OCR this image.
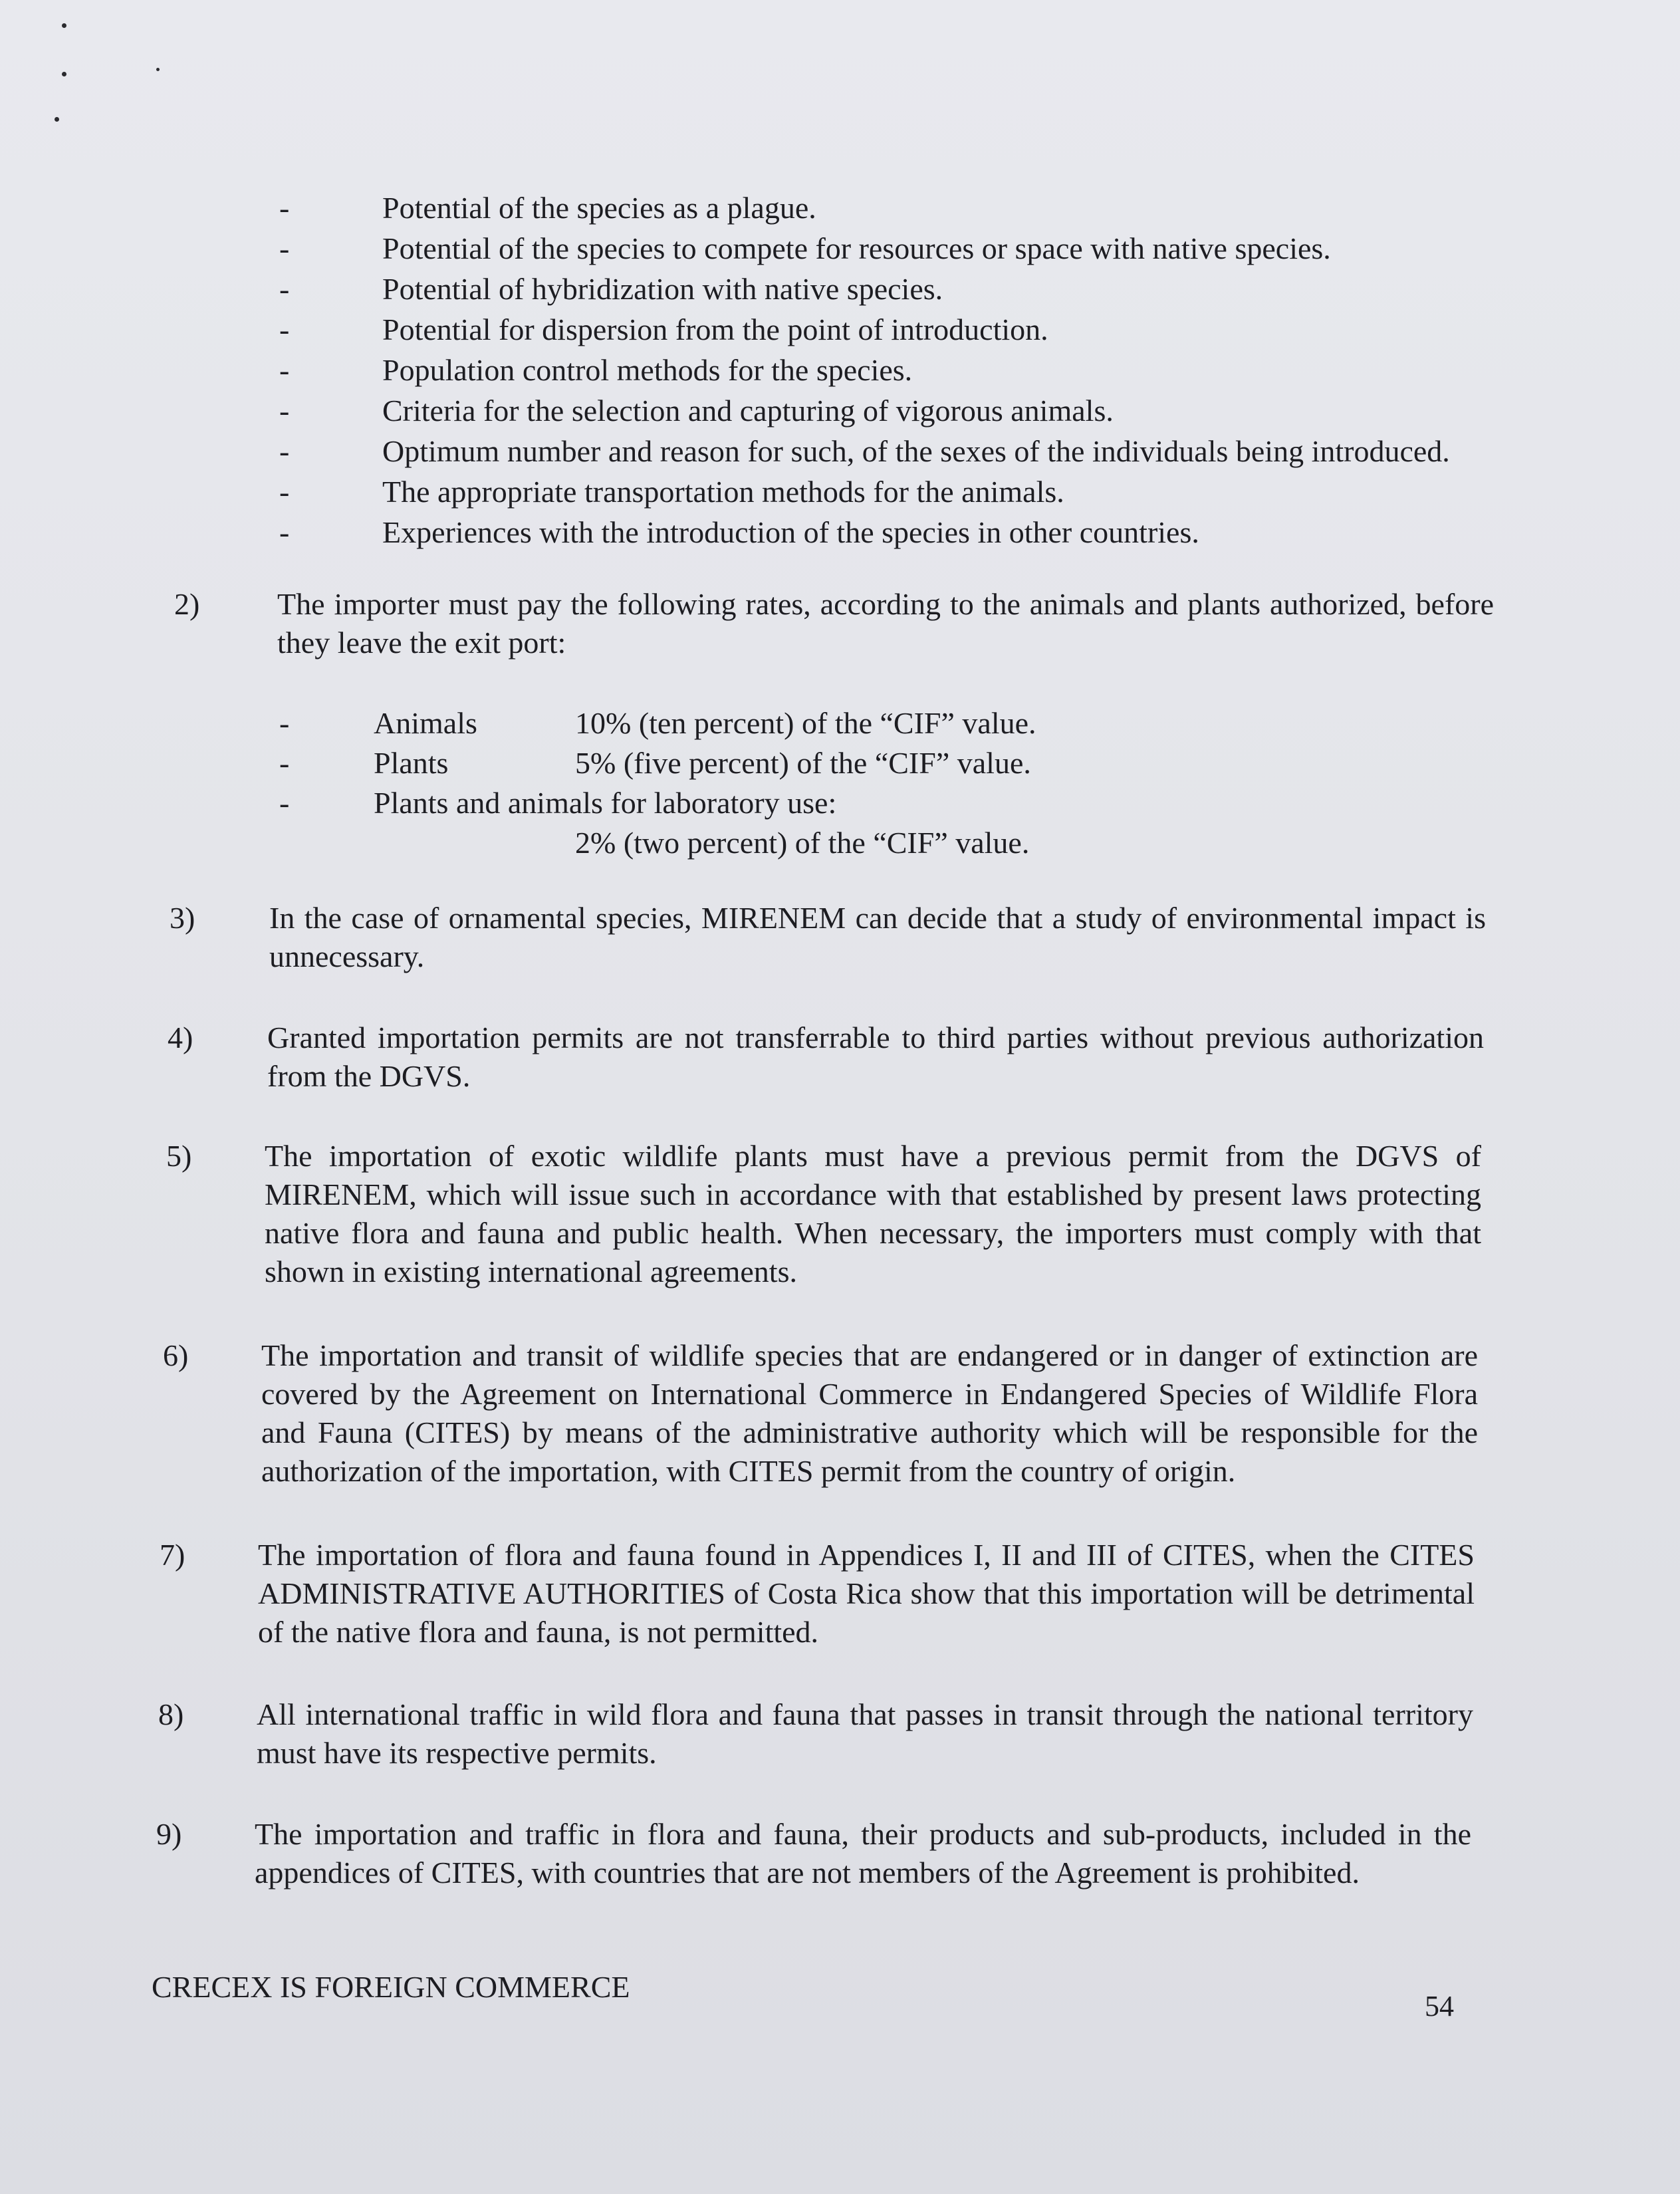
-	Potential of the species as a plague.
-	Potential of the species to compete for resources or space with native species.
-	Potential of hybridization with native species.
-	Potential for dispersion from the point of introduction.
-	Population control methods for the species.
-	Criteria for the selection and capturing of vigorous animals.
-	Optimum number and reason for such, of the sexes of the individuals being introduced.
-	The appropriate transportation methods for the animals.
-	Experiences with the introduction of the species in other countries.
2)	The importer must pay the following rates, according to the animals and plants authorized, before they leave the exit port:
-	Animals	10% (ten percent) of the “CIF” value.
-	Plants	5% (five percent) of the “CIF” value.
-	Plants and animals for laboratory use:
2% (two percent) of the “CIF” value.
3) In the case of ornamental species, MIRENEM can decide that a study of environmental impact is unnecessary.
4) Granted importation permits are not transferrable to third parties without previous authorization from the DGVS.
5) The importation of exotic wildlife plants must have a previous permit from the DGVS of MIRENEM, which will issue such in accordance with that established by present laws protecting native flora and fauna and public health. When necessary, the importers must comply with that shown in existing international agreements.
6) The importation and transit of wildlife species that are endangered or in danger of extinction are covered by the Agreement on International Commerce in Endangered Species of Wildlife Flora and Fauna (CITES) by means of the administrative authority which will be responsible for the authorization of the importation, with CITES permit from the country of origin.
7) The importation of flora and fauna found in Appendices I, II and III of CITES, when the CITES ADMINISTRATIVE AUTHORITIES of Costa Rica show that this importation will be detrimental of the native flora and fauna, is not permitted.
8) All international traffic in wild flora and fauna that passes in transit through the national territory must have its respective permits.
9) The importation and traffic in flora and fauna, their products and sub-products, included in the appendices of CITES, with countries that are not members of the Agreement is prohibited.
CRECEX IS FOREIGN COMMERCE
54
